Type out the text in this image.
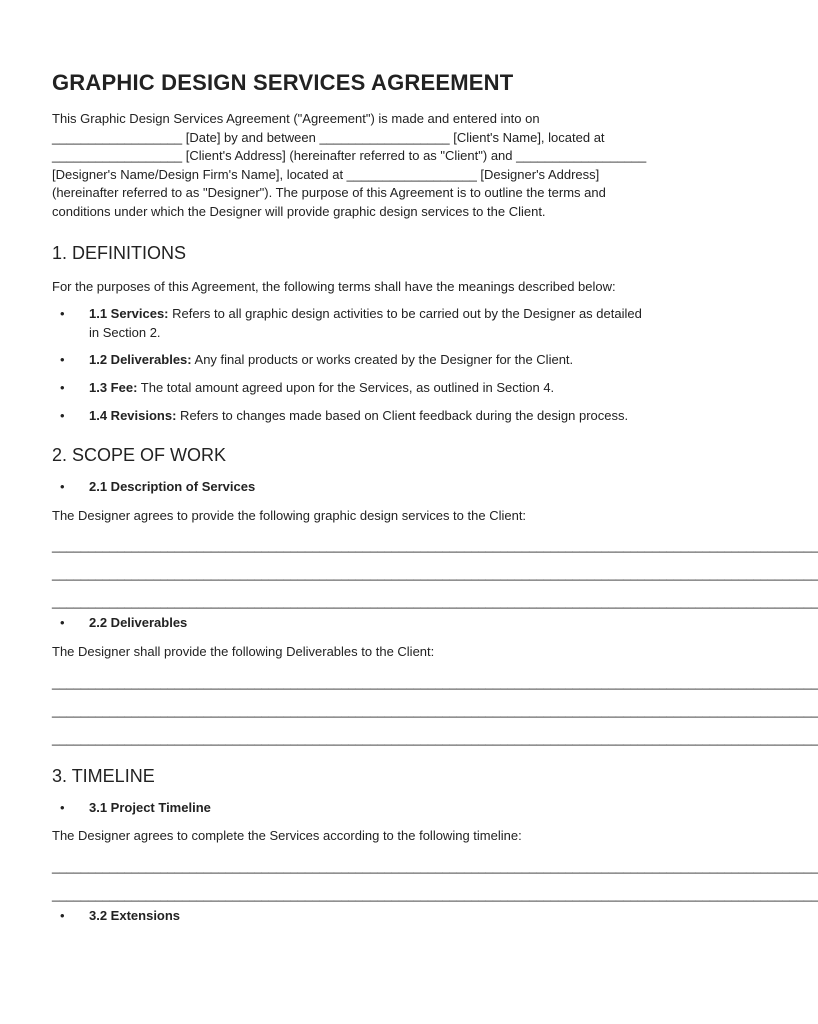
GRAPHIC DESIGN SERVICES AGREEMENT

This Graphic Design Services Agreement ("Agreement") is made and entered into on

__________________ [Date] by and between __________________ [Client's Name], located at

__________________ [Client's Address] (hereinafter referred to as "Client") and __________________

[Designer's Name/Design Firm's Name], located at __________________ [Designer's Address]

(hereinafter referred to as "Designer"). The purpose of this Agreement is to outline the terms and

conditions under which the Designer will provide graphic design services to the Client.

1. DEFINITIONS

For the purposes of this Agreement, the following terms shall have the meanings described below:

• 1.1 Services: Refers to all graphic design activities to be carried out by the Designer as detailed
in Section 2.
• 1.2 Deliverables: Any final products or works created by the Designer for the Client.
• 1.3 Fee: The total amount agreed upon for the Services, as outlined in Section 4.
• 1.4 Revisions: Refers to changes made based on Client feedback during the design process.
2. SCOPE OF WORK
• 2.1 Description of Services

The Designer agrees to provide the following graphic design services to the Client:

__________________________________________________________________________________________________________
__________________________________________________________________________________________________________
__________________________________________________________________________________________________________
• 2.2 Deliverables

The Designer shall provide the following Deliverables to the Client:

__________________________________________________________________________________________________________
__________________________________________________________________________________________________________
__________________________________________________________________________________________________________
3. TIMELINE
• 3.1 Project Timeline

The Designer agrees to complete the Services according to the following timeline:

__________________________________________________________________________________________________________
__________________________________________________________________________________________________________
• 3.2 Extensions
